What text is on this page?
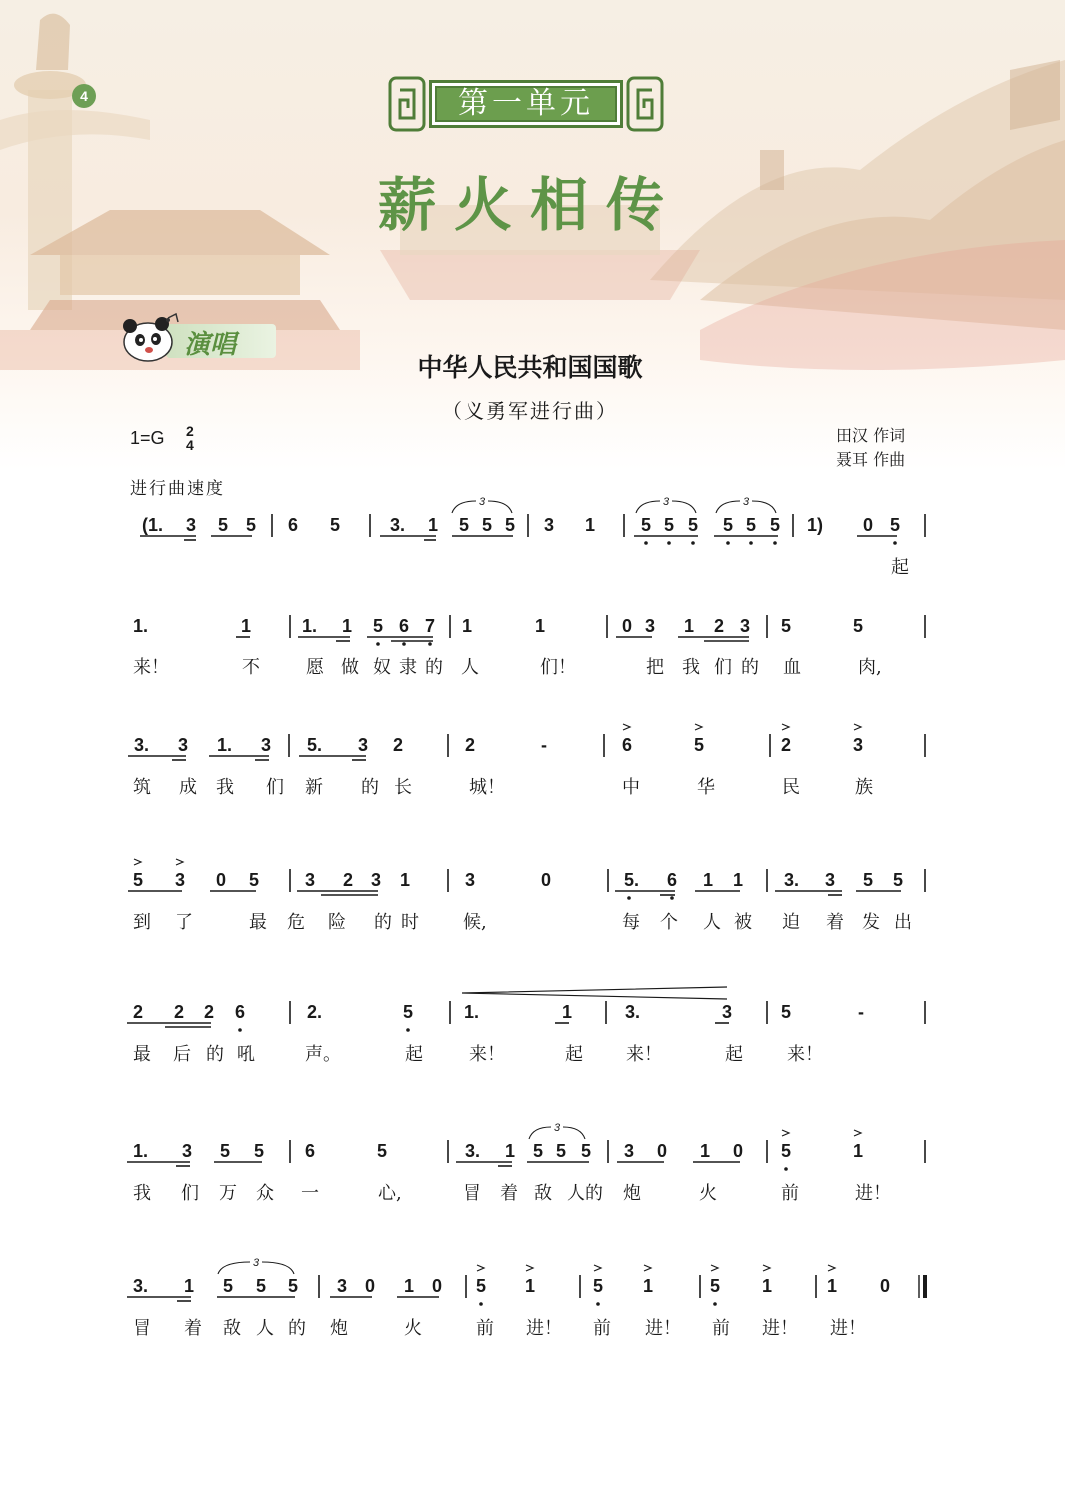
4	第一单元
薪火相传
演唱
中华人民共和国国歌
（义勇军进行曲）
1=G 2
4
进行曲速度
田汉 作词
聂耳 作曲
(1. 3 5 5 6 5	3. 1 5 5 5 3 1	5 5 5 5 5 5 1) 0 5
起
1.	1	1. 1 5 6 7 1	1	0 3 1 2 3 5	5
来！	不	愿 做 奴 隶 的 人	们！	把 我 们 的 血	肉,
3. 3 1. 3 5. 3 2	2	-	6	5	2	3
筑 成 我 们 新 的 长	城！	中	华	民	族
5 3 0 5	3 2 3 1	3	0	5. 6 1 1 3. 3 5 5
到 了	最 危 险 的 时 候,	每 个 人 被 迫 着 发 出
2 2 2 6	2.	5	1.	1	3.	3	5	-
最 后 的 吼	声。	起	来！	起 来！	起 来！
1. 3 5 5 6	5	3. 1 5 5 5 3 0 1 0 5	1
我 们 万 众 一	心,	冒 着 敌 人 的 炮	火	前	进！
3. 1 5 5 5 3 0 1 0 5 1	5 1	5 1	1 0
冒 着 敌 人 的 炮	火	前 进！ 前 进！ 前 进！ 进！
3	3	3
3
3
